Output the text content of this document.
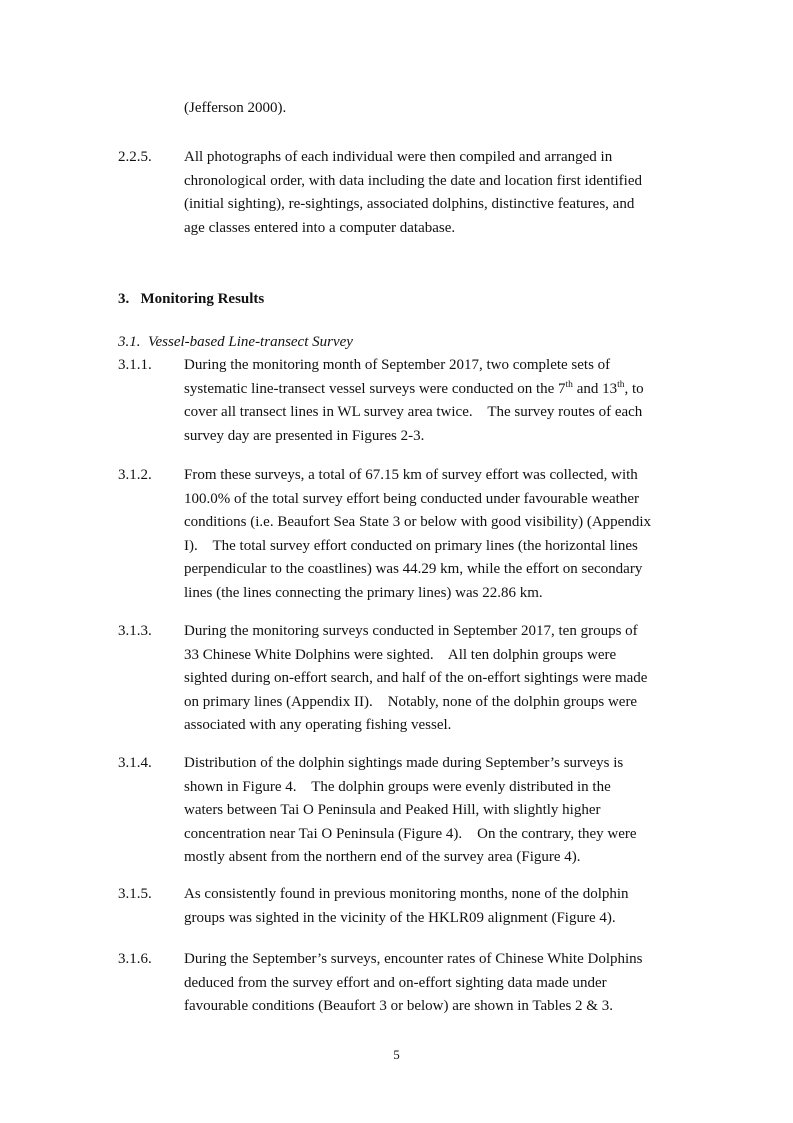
(Jefferson 2000).
2.2.5. All photographs of each individual were then compiled and arranged in
chronological order, with data including the date and location first identified
(initial sighting), re-sightings, associated dolphins, distinctive features, and
age classes entered into a computer database.
3.   Monitoring Results
3.1.  Vessel-based Line-transect Survey
3.1.1. During the monitoring month of September 2017, two complete sets of
systematic line-transect vessel surveys were conducted on the 7th and 13th, to
cover all transect lines in WL survey area twice.    The survey routes of each
survey day are presented in Figures 2-3.
3.1.2. From these surveys, a total of 67.15 km of survey effort was collected, with
100.0% of the total survey effort being conducted under favourable weather
conditions (i.e. Beaufort Sea State 3 or below with good visibility) (Appendix
I).    The total survey effort conducted on primary lines (the horizontal lines
perpendicular to the coastlines) was 44.29 km, while the effort on secondary
lines (the lines connecting the primary lines) was 22.86 km.
3.1.3. During the monitoring surveys conducted in September 2017, ten groups of
33 Chinese White Dolphins were sighted.    All ten dolphin groups were
sighted during on-effort search, and half of the on-effort sightings were made
on primary lines (Appendix II).    Notably, none of the dolphin groups were
associated with any operating fishing vessel.
3.1.4. Distribution of the dolphin sightings made during September’s surveys is
shown in Figure 4.    The dolphin groups were evenly distributed in the
waters between Tai O Peninsula and Peaked Hill, with slightly higher
concentration near Tai O Peninsula (Figure 4).    On the contrary, they were
mostly absent from the northern end of the survey area (Figure 4).
3.1.5. As consistently found in previous monitoring months, none of the dolphin
groups was sighted in the vicinity of the HKLR09 alignment (Figure 4).
3.1.6. During the September’s surveys, encounter rates of Chinese White Dolphins
deduced from the survey effort and on-effort sighting data made under
favourable conditions (Beaufort 3 or below) are shown in Tables 2 & 3.
5
